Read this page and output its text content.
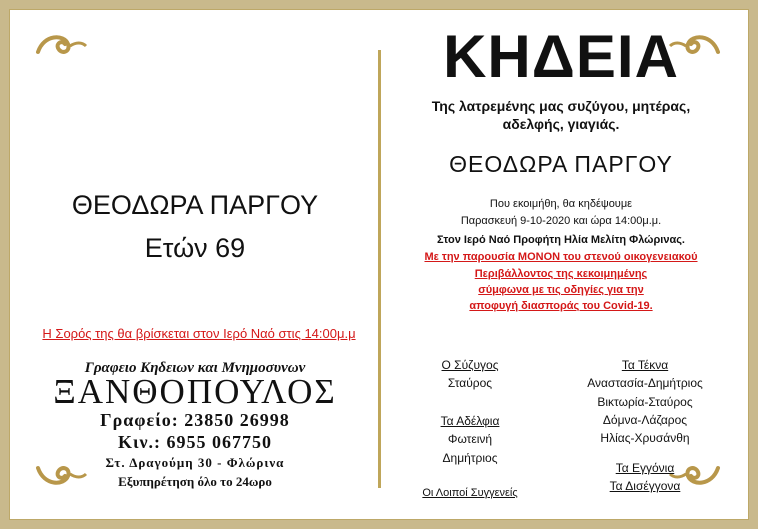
ΘΕΟΔΩΡΑ ΠΑΡΓΟΥ
Ετών 69
Η Σορός της θα βρίσκεται στον Ιερό Ναό στις 14:00μ.μ
Γραφειο Κηδειων και Μνημοσυνων
ΞΑΝΘΟΠΟΥΛΟΣ
Γραφείο: 23850 26998
Κιν.: 6955 067750
Στ. Δραγούμη 30 - Φλώρινα
Εξυπηρέτηση όλο το 24ωρο
ΚΗΔΕΙΑ
Της λατρεμένης μας συζύγου, μητέρας,
αδελφής, γιαγιάς.
ΘΕΟΔΩΡΑ ΠΑΡΓΟΥ
Που εκοιμήθη, θα κηδέψουμε
Παρασκευή 9-10-2020 και ώρα 14:00μ.μ.
Στον Ιερό Ναό Προφήτη Ηλία Μελίτη Φλώρινας.
Με την παρουσία ΜΟΝΟΝ του στενού οικογενειακού
Περιβάλλοντος της κεκοιμημένης
σύμφωνα με τις οδηγίες για την
αποφυγή διασποράς του Covid-19.
Ο Σύζυγος
Σταύρος
Τα Αδέλφια
Φωτεινή
Δημήτριος
Οι Λοιποί Συγγενείς
Τα Τέκνα
Αναστασία-Δημήτριος
Βικτωρία-Σταύρος
Δόμνα-Λάζαρος
Ηλίας-Χρυσάνθη
Τα Εγγόνια
Τα Δισέγγονα
